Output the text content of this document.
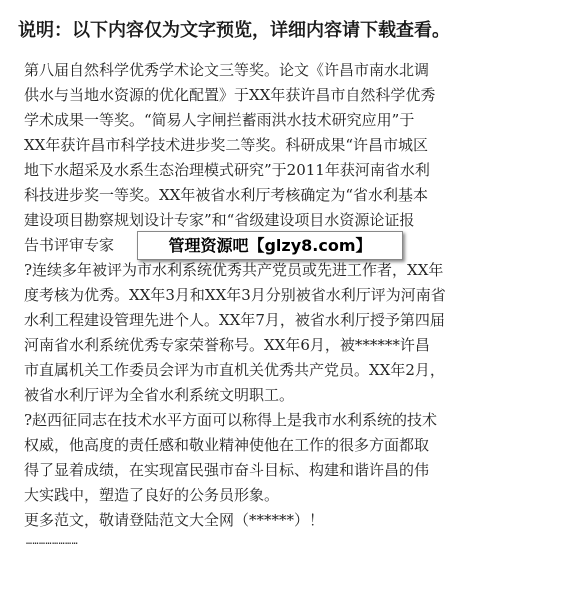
说明：以下内容仅为文字预览，详细内容请下载查看。
第八届自然科学优秀学术论文三等奖。论文《许昌市南水北调
供水与当地水资源的优化配置》于XX年获许昌市自然科学优秀
学术成果一等奖。“简易人字闸拦蓄雨洪水技术研究应用”于
XX年获许昌市科学技术进步奖二等奖。科研成果“许昌市城区
地下水超采及水系生态治理模式研究”于2011年获河南省水利
科技进步奖一等奖。XX年被省水利厅考核确定为“省水利基本
建设项目勘察规划设计专家”和“省级建设项目水资源论证报
告书评审专家
?连续多年被评为市水利系统优秀共产党员或先进工作者，XX年
度考核为优秀。XX年3月和XX年3月分别被省水利厅评为河南省
水利工程建设管理先进个人。XX年7月，被省水利厅授予第四届
河南省水利系统优秀专家荣誉称号。XX年6月，被******许昌
市直属机关工作委员会评为市直机关优秀共产党员。XX年2月，
被省水利厅评为全省水利系统文明职工。
?赵西征同志在技术水平方面可以称得上是我市水利系统的技术
权威，他高度的责任感和敬业精神使他在工作的很多方面都取
得了显着成绩，在实现富民强市奋斗目标、构建和谐许昌的伟
大实践中，塑造了良好的公务员形象。
更多范文，敬请登陆范文大全网（******）！
管理资源吧【glzy8.com】
……………………
